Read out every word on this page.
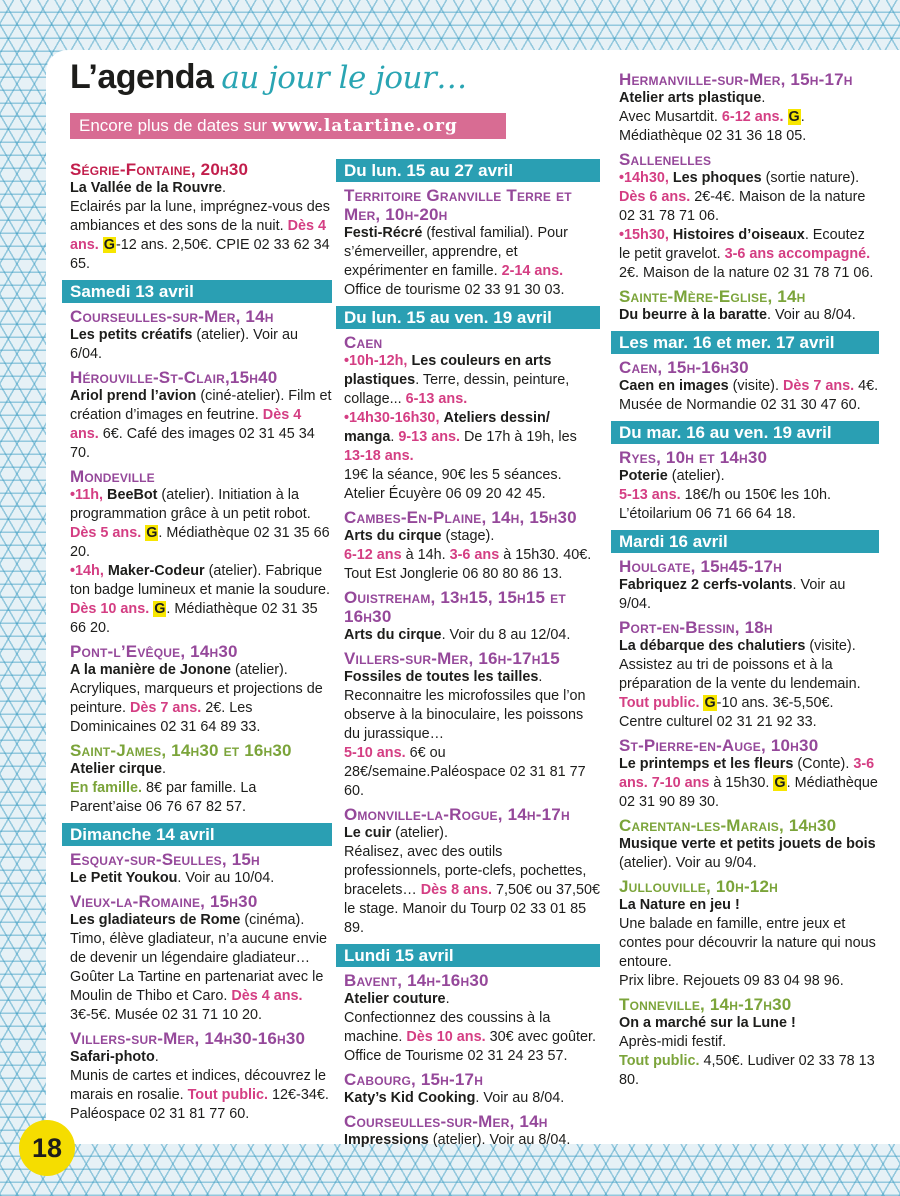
L’agenda au jour le jour…
Encore plus de dates sur www.latartine.org
Ségrie-Fontaine, 20h30
La Vallée de la Rouvre.
Eclairés par la lune, imprégnez-vous des ambiances et des sons de la nuit. Dès 4 ans. G-12 ans. 2,50€. CPIE 02 33 62 34 65.
Samedi 13 avril
Courseulles-sur-Mer, 14h
Les petits créatifs (atelier). Voir au 6/04.
Hérouville-St-Clair,15h40
Ariol prend l’avion (ciné-atelier). Film et création d’images en feutrine. Dès 4 ans. 6€. Café des images 02 31 45 34 70.
Mondeville
•11h, BeeBot (atelier). Initiation à la programmation grâce à un petit robot. Dès 5 ans. G. Médiathèque 02 31 35 66 20.
•14h, Maker-Codeur (atelier). Fabrique ton badge lumineux et manie la soudure. Dès 10 ans. G. Médiathèque 02 31 35 66 20.
Pont-l’Evêque, 14h30
A la manière de Jonone (atelier). Acryliques, marqueurs et projections de peinture. Dès 7 ans. 2€. Les Dominicaines 02 31 64 89 33.
Saint-James, 14h30 et 16h30
Atelier cirque.
En famille. 8€ par famille. La Parent’aise 06 76 67 82 57.
Dimanche 14 avril
Esquay-sur-Seulles, 15h
Le Petit Youkou. Voir au 10/04.
Vieux-la-Romaine, 15h30
Les gladiateurs de Rome (cinéma). Timo, élève gladiateur, n’a aucune envie de devenir un légendaire gladiateur… Goûter La Tartine en partenariat avec le Moulin de Thibo et Caro. Dès 4 ans. 3€-5€. Musée 02 31 71 10 20.
Villers-sur-Mer, 14h30-16h30
Safari-photo.
Munis de cartes et indices, découvrez le marais en rosalie. Tout public. 12€-34€. Paléospace 02 31 81 77 60.
Du lun. 15 au 27 avril
Territoire Granville Terre et Mer, 10h-20h
Festi-Récré (festival familial). Pour s’émerveiller, apprendre, et expérimenter en famille. 2-14 ans. Office de tourisme 02 33 91 30 03.
Du lun. 15 au ven. 19 avril
Caen
•10h-12h, Les couleurs en arts plastiques. Terre, dessin, peinture, collage... 6-13 ans.
•14h30-16h30, Ateliers dessin/ manga. 9-13 ans. De 17h à 19h, les 13-18 ans.
19€ la séance, 90€ les 5 séances. Atelier Écuyère 06 09 20 42 45.
Cambes-En-Plaine, 14h, 15h30
Arts du cirque (stage).
6-12 ans à 14h. 3-6 ans à 15h30. 40€. Tout Est Jonglerie 06 80 80 86 13.
Ouistreham, 13h15, 15h15 et 16h30
Arts du cirque. Voir du 8 au 12/04.
Villers-sur-Mer, 16h-17h15
Fossiles de toutes les tailles.
Reconnaitre les microfossiles que l’on observe à la binoculaire, les poissons du jurassique…
5-10 ans. 6€ ou 28€/semaine.Paléospace 02 31 81 77 60.
Omonville-la-Rogue, 14h-17h
Le cuir (atelier).
Réalisez, avec des outils professionnels, porte-clefs, pochettes, bracelets… Dès 8 ans. 7,50€ ou 37,50€ le stage. Manoir du Tourp 02 33 01 85 89.
Lundi 15 avril
Bavent, 14h-16h30
Atelier couture.
Confectionnez des coussins à la machine. Dès 10 ans. 30€ avec goûter. Office de Tourisme 02 31 24 23 57.
Cabourg, 15h-17h
Katy’s Kid Cooking. Voir au 8/04.
Courseulles-sur-Mer, 14h
Impressions (atelier). Voir au 8/04.
Hermanville-sur-Mer, 15h-17h
Atelier arts plastique.
Avec Musartdit. 6-12 ans. G. Médiathèque 02 31 36 18 05.
Sallenelles
•14h30, Les phoques (sortie nature). Dès 6 ans. 2€-4€. Maison de la nature 02 31 78 71 06.
•15h30, Histoires d’oiseaux. Ecoutez le petit gravelot. 3-6 ans accompagné. 2€. Maison de la nature 02 31 78 71 06.
Sainte-Mère-Eglise, 14h
Du beurre à la baratte. Voir au 8/04.
Les mar. 16 et mer. 17 avril
Caen, 15h-16h30
Caen en images (visite). Dès 7 ans. 4€. Musée de Normandie 02 31 30 47 60.
Du mar. 16 au ven. 19 avril
Ryes, 10h et 14h30
Poterie (atelier).
5-13 ans. 18€/h ou 150€ les 10h. L’étoilarium 06 71 66 64 18.
Mardi 16 avril
Houlgate, 15h45-17h
Fabriquez 2 cerfs-volants. Voir au 9/04.
Port-en-Bessin, 18h
La débarque des chalutiers (visite). Assistez au tri de poissons et à la préparation de la vente du lendemain. Tout public. G-10 ans. 3€-5,50€. Centre culturel 02 31 21 92 33.
St-Pierre-en-Auge, 10h30
Le printemps et les fleurs (Conte). 3-6 ans. 7-10 ans à 15h30. G. Médiathèque 02 31 90 89 30.
Carentan-les-Marais, 14h30
Musique verte et petits jouets de bois (atelier). Voir au 9/04.
Jullouville, 10h-12h
La Nature en jeu !
Une balade en famille, entre jeux et contes pour découvrir la nature qui nous entoure.
Prix libre. Rejouets 09 83 04 98 96.
Tonneville, 14h-17h30
On a marché sur la Lune !
Après-midi festif.
Tout public. 4,50€. Ludiver 02 33 78 13 80.
18
